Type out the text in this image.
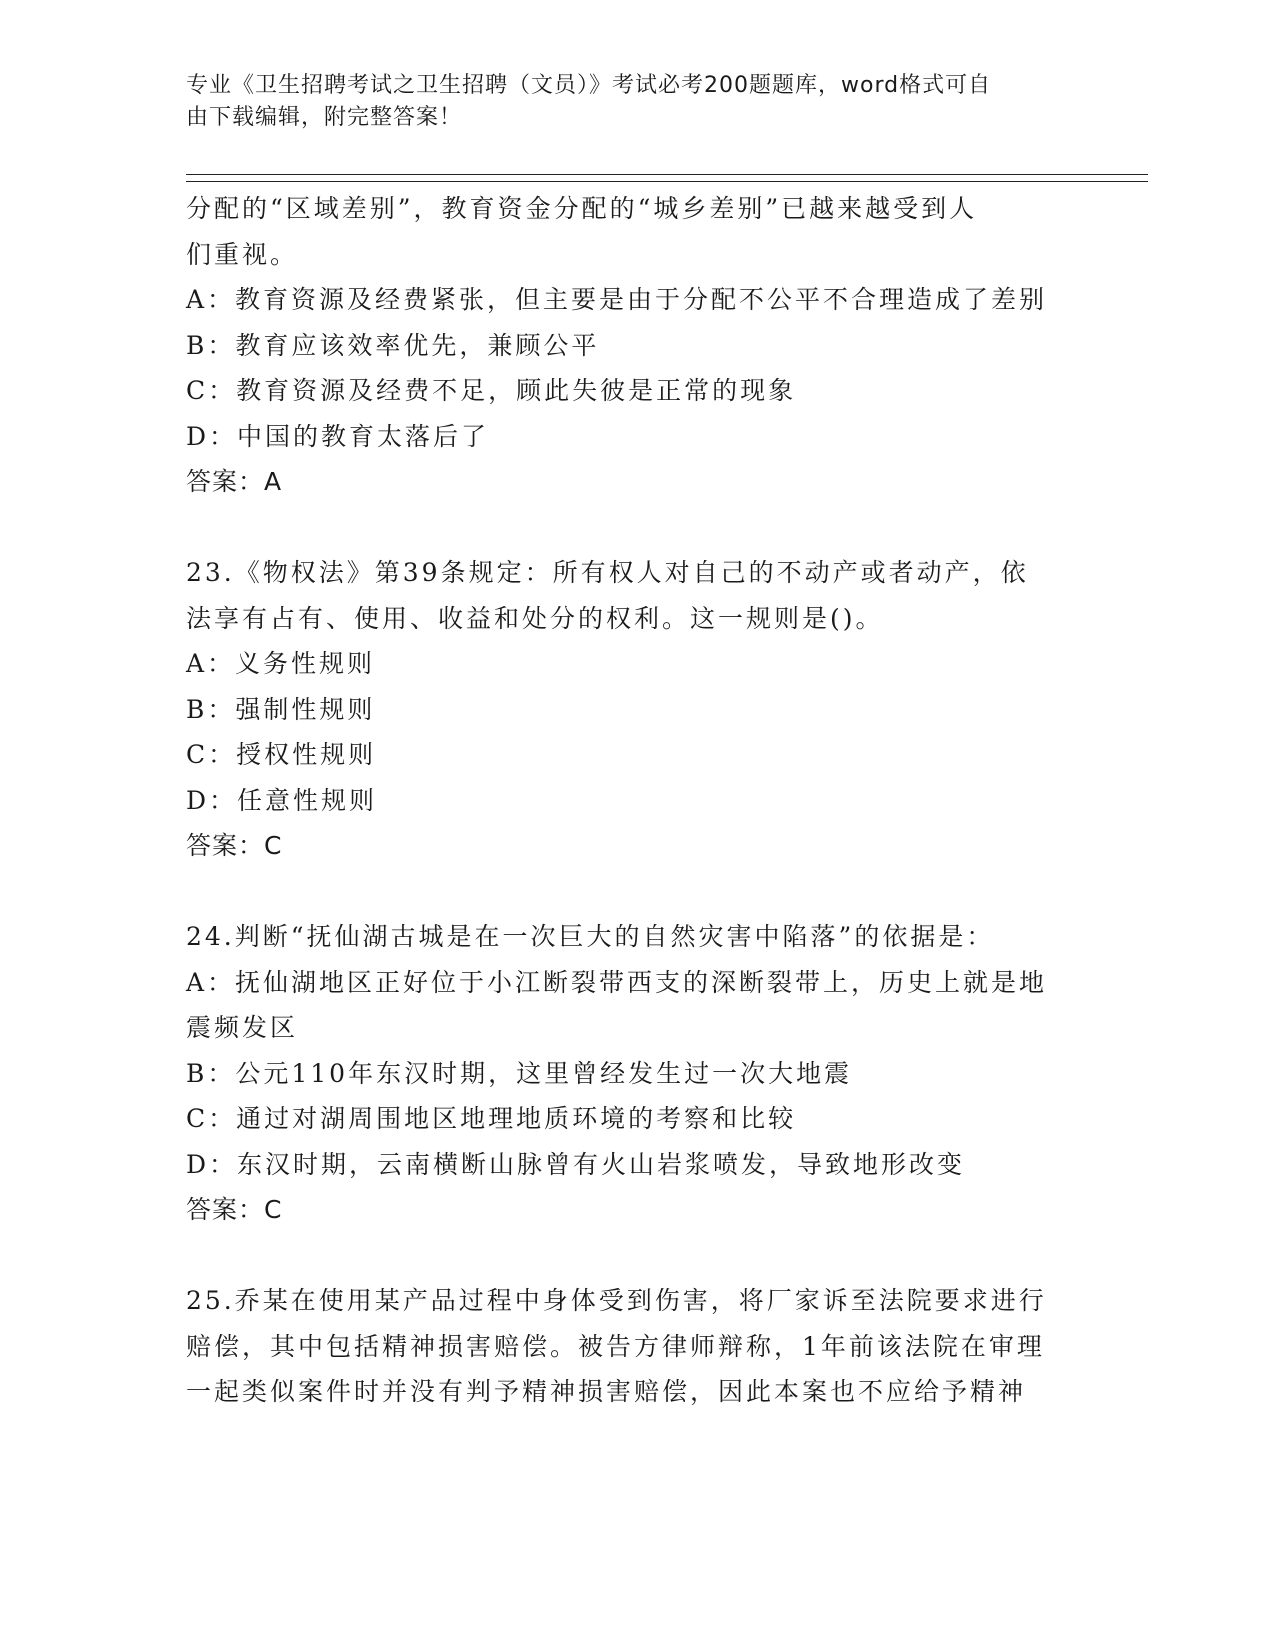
专业《卫生招聘考试之卫生招聘（文员）》考试必考200题题库，word格式可自
由下载编辑，附完整答案！
分配的“区域差别”，教育资金分配的“城乡差别”已越来越受到人
们重视。
A：教育资源及经费紧张，但主要是由于分配不公平不合理造成了差别
B：教育应该效率优先，兼顾公平
C：教育资源及经费不足，顾此失彼是正常的现象
D：中国的教育太落后了
答案：A
23.《物权法》第39条规定：所有权人对自己的不动产或者动产，依
法享有占有、使用、收益和处分的权利。这一规则是()。
A：义务性规则
B：强制性规则
C：授权性规则
D：任意性规则
答案：C
24.判断“抚仙湖古城是在一次巨大的自然灾害中陷落”的依据是：
A：抚仙湖地区正好位于小江断裂带西支的深断裂带上，历史上就是地
震频发区
B：公元110年东汉时期，这里曾经发生过一次大地震
C：通过对湖周围地区地理地质环境的考察和比较
D：东汉时期，云南横断山脉曾有火山岩浆喷发，导致地形改变
答案：C
25.乔某在使用某产品过程中身体受到伤害，将厂家诉至法院要求进行
赔偿，其中包括精神损害赔偿。被告方律师辩称，1年前该法院在审理
一起类似案件时并没有判予精神损害赔偿，因此本案也不应给予精神
